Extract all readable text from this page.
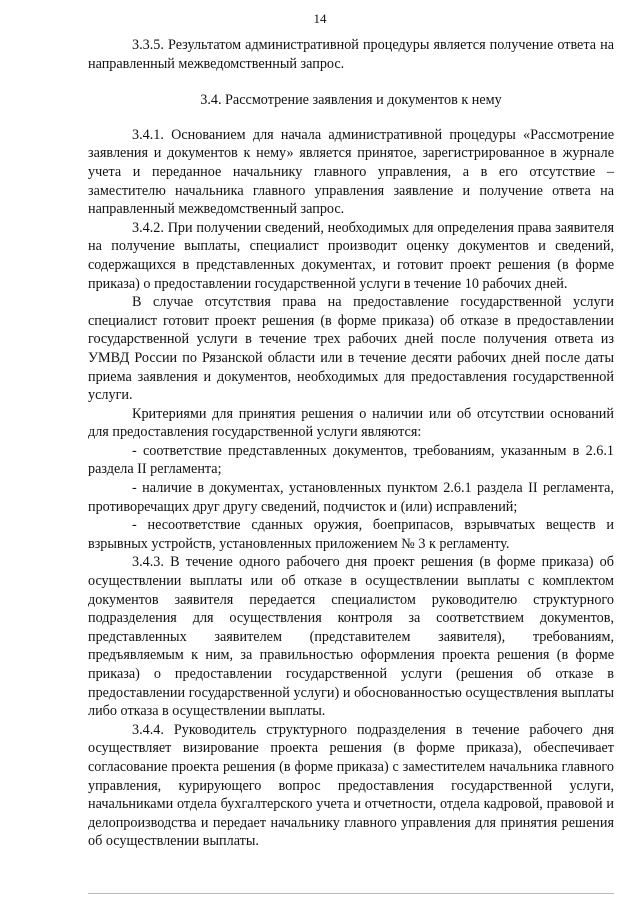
14

3.3.5. Результатом административной процедуры является получение ответа на направленный межведомственный запрос.

3.4. Рассмотрение заявления и документов к нему

3.4.1. Основанием для начала административной процедуры «Рассмотрение заявления и документов к нему» является принятое, зарегистрированное в журнале учета и переданное начальнику главного управления, а в его отсутствие – заместителю начальника главного управления заявление и получение ответа на направленный межведомственный запрос.

3.4.2. При получении сведений, необходимых для определения права заявителя на получение выплаты, специалист производит оценку документов и сведений, содержащихся в представленных документах, и готовит проект решения (в форме приказа) о предоставлении государственной услуги в течение 10 рабочих дней.

В случае отсутствия права на предоставление государственной услуги специалист готовит проект решения (в форме приказа) об отказе в предоставлении государственной услуги в течение трех рабочих дней после получения ответа из УМВД России по Рязанской области или в течение десяти рабочих дней после даты приема заявления и документов, необходимых для предоставления государственной услуги.

Критериями для принятия решения о наличии или об отсутствии оснований для предоставления государственной услуги являются:

- соответствие представленных документов, требованиям, указанным в 2.6.1 раздела II регламента;

- наличие в документах, установленных пунктом 2.6.1 раздела II регламента, противоречащих друг другу сведений, подчисток и (или) исправлений;

- несоответствие сданных оружия, боеприпасов, взрывчатых веществ и взрывных устройств, установленных приложением № 3 к регламенту.

3.4.3. В течение одного рабочего дня проект решения (в форме приказа) об осуществлении выплаты или об отказе в осуществлении выплаты с комплектом документов заявителя передается специалистом руководителю структурного подразделения для осуществления контроля за соответствием документов, представленных заявителем (представителем заявителя), требованиям, предъявляемым к ним, за правильностью оформления проекта решения (в форме приказа) о предоставлении государственной услуги (решения об отказе в предоставлении государственной услуги) и обоснованностью осуществления выплаты либо отказа в осуществлении выплаты.

3.4.4. Руководитель структурного подразделения в течение рабочего дня осуществляет визирование проекта решения (в форме приказа), обеспечивает согласование проекта решения (в форме приказа) с заместителем начальника главного управления, курирующего вопрос предоставления государственной услуги, начальниками отдела бухгалтерского учета и отчетности, отдела кадровой, правовой и делопроизводства и передает начальнику главного управления для принятия решения об осуществлении выплаты.
